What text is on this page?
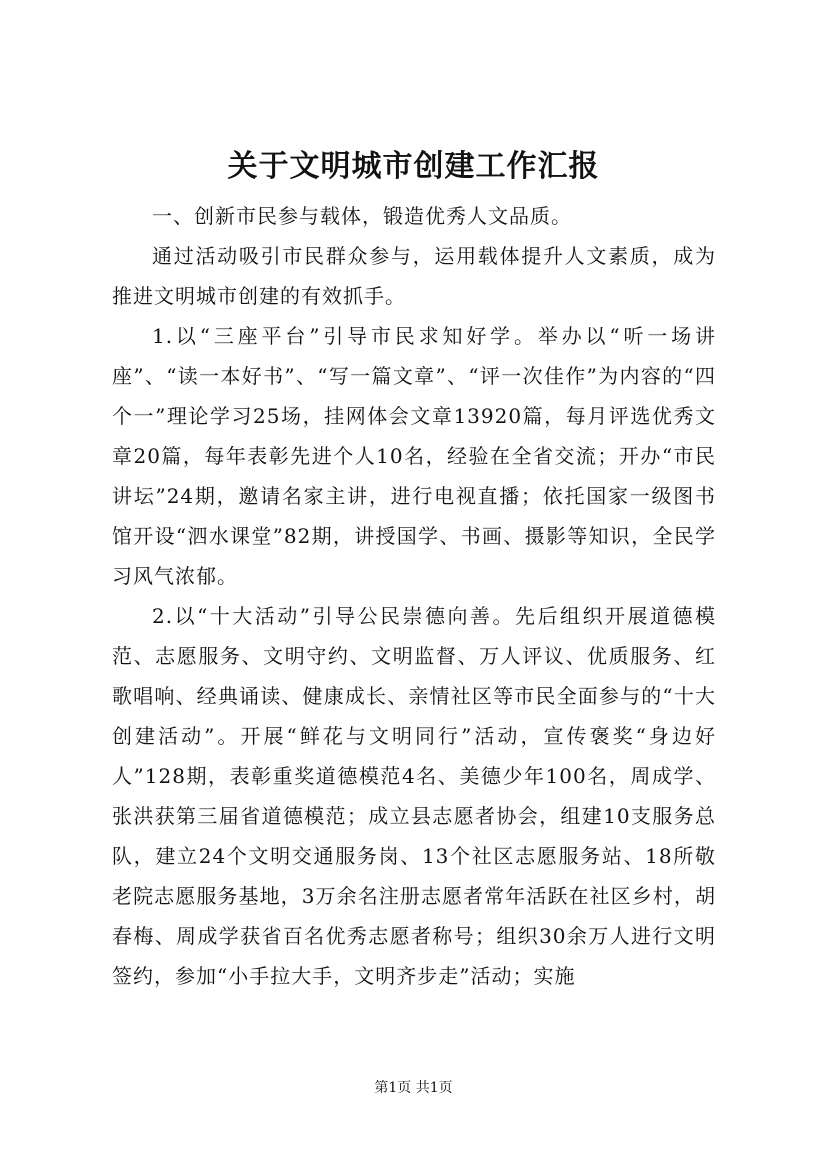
关于文明城市创建工作汇报

一、创新市民参与载体，锻造优秀人文品质。

通过活动吸引市民群众参与，运用载体提升人文素质，成为推进文明城市创建的有效抓手。

1.以“三座平台”引导市民求知好学。举办以“听一场讲座”、“读一本好书”、“写一篇文章”、“评一次佳作”为内容的“四个一”理论学习25场，挂网体会文章13920篇，每月评选优秀文章20篇，每年表彰先进个人10名，经验在全省交流；开办“市民讲坛”24期，邀请名家主讲，进行电视直播；依托国家一级图书馆开设“泗水课堂”82期，讲授国学、书画、摄影等知识，全民学习风气浓郁。

2.以“十大活动”引导公民崇德向善。先后组织开展道德模范、志愿服务、文明守约、文明监督、万人评议、优质服务、红歌唱响、经典诵读、健康成长、亲情社区等市民全面参与的“十大创建活动”。开展“鲜花与文明同行”活动，宣传褒奖“身边好人”128期，表彰重奖道德模范4名、美德少年100名，周成学、张洪获第三届省道德模范；成立县志愿者协会，组建10支服务总队，建立24个文明交通服务岗、13个社区志愿服务站、18所敬老院志愿服务基地，3万余名注册志愿者常年活跃在社区乡村，胡春梅、周成学获省百名优秀志愿者称号；组织30余万人进行文明签约，参加“小手拉大手，文明齐步走”活动；实施

第1页 共1页
